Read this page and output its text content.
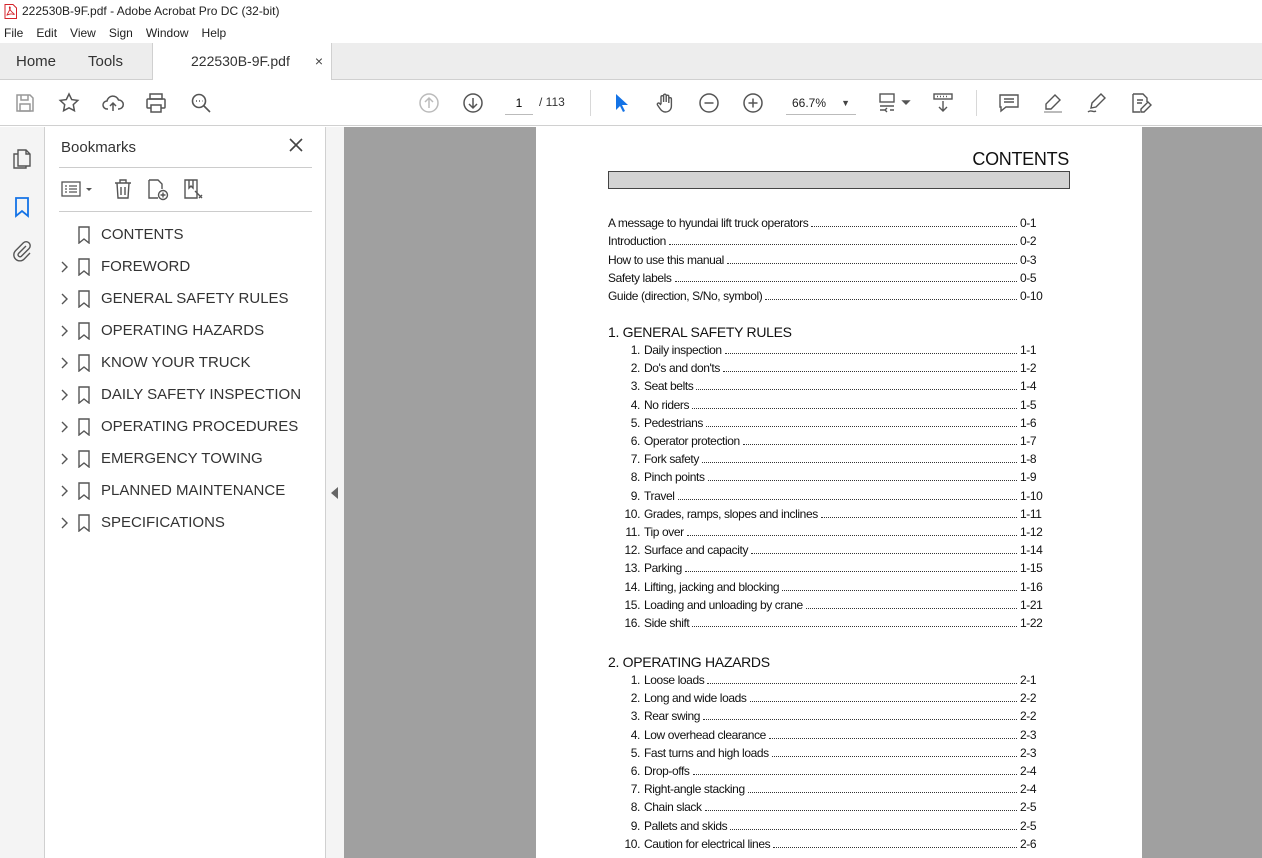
222530B-9F.pdf - Adobe Acrobat Pro DC (32-bit)
File Edit View Sign Window Help
Home Tools	222530B-9F.pdf ×
1
/ 113	66.7% ▼
Bookmarks
CONTENTS
FOREWORD
GENERAL SAFETY RULES
OPERATING HAZARDS
KNOW YOUR TRUCK
DAILY SAFETY INSPECTION
OPERATING PROCEDURES
EMERGENCY TOWING
PLANNED MAINTENANCE
SPECIFICATIONS
CONTENTS
A message to hyundai lift truck operators	0-1
Introduction	0-2
How to use this manual	0-3
Safety labels	0-5
Guide (direction, S/No, symbol)	0-10
1. GENERAL SAFETY RULES
1. Daily inspection	1-1
2. Do's and don'ts	1-2
3. Seat belts	1-4
4. No riders	1-5
5. Pedestrians	1-6
6. Operator protection	1-7
7. Fork safety	1-8
8. Pinch points	1-9
9. Travel	1-10
10. Grades, ramps, slopes and inclines	1-11
11. Tip over	1-12
12. Surface and capacity	1-14
13. Parking	1-15
14. Lifting, jacking and blocking	1-16
15. Loading and unloading by crane	1-21
16. Side shift	1-22
2. OPERATING HAZARDS
1. Loose loads	2-1
2. Long and wide loads	2-2
3. Rear swing	2-2
4. Low overhead clearance	2-3
5. Fast turns and high loads	2-3
6. Drop-offs	2-4
7. Right-angle stacking	2-4
8. Chain slack	2-5
9. Pallets and skids	2-5
10. Caution for electrical lines	2-6
